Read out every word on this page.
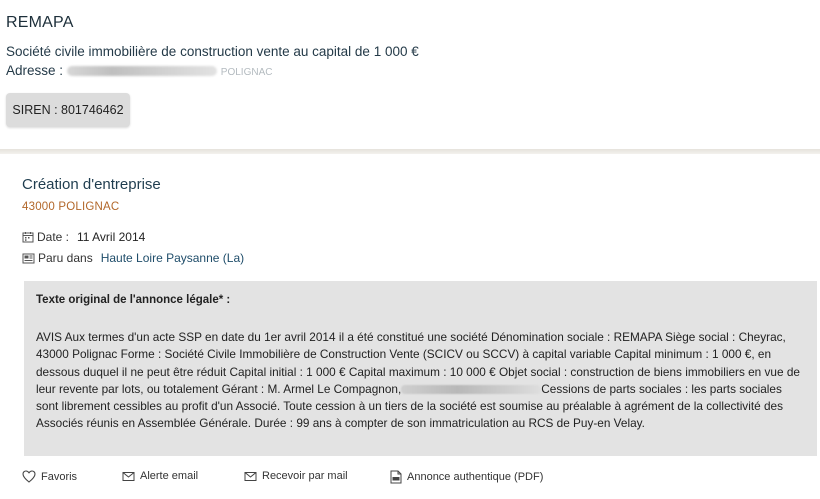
REMAPA
Société civile immobilière de construction vente au capital de 1 000 €
Adresse :	POLIGNAC
SIREN : 801746462
Création d'entreprise
43000 POLIGNAC
Date : 11 Avril 2014
Paru dans Haute Loire Paysanne (La)
Texte original de l'annonce légale* :
AVIS Aux termes d'un acte SSP en date du 1er avril 2014 il a été constitué une société Dénomination sociale : REMAPA Siège social : Cheyrac, 43000 Polignac Forme : Société Civile Immobilière de Construction Vente (SCICV ou SCCV) à capital variable Capital minimum : 1 000 €, en dessous duquel il ne peut être réduit Capital initial : 1 000 € Capital maximum : 10 000 € Objet social : construction de biens immobiliers en vue de leur revente par lots, ou totalement Gérant : M. Armel Le Compagnon,	Cessions de parts sociales : les parts sociales sont librement cessibles au profit d'un Associé. Toute cession à un tiers de la société est soumise au préalable à agrément de la collectivité des Associés réunis en Assemblée Générale. Durée : 99 ans à compter de son immatriculation au RCS de Puy-en Velay.
Favoris	Alerte email	Recevoir par mail	Annonce authentique (PDF)
